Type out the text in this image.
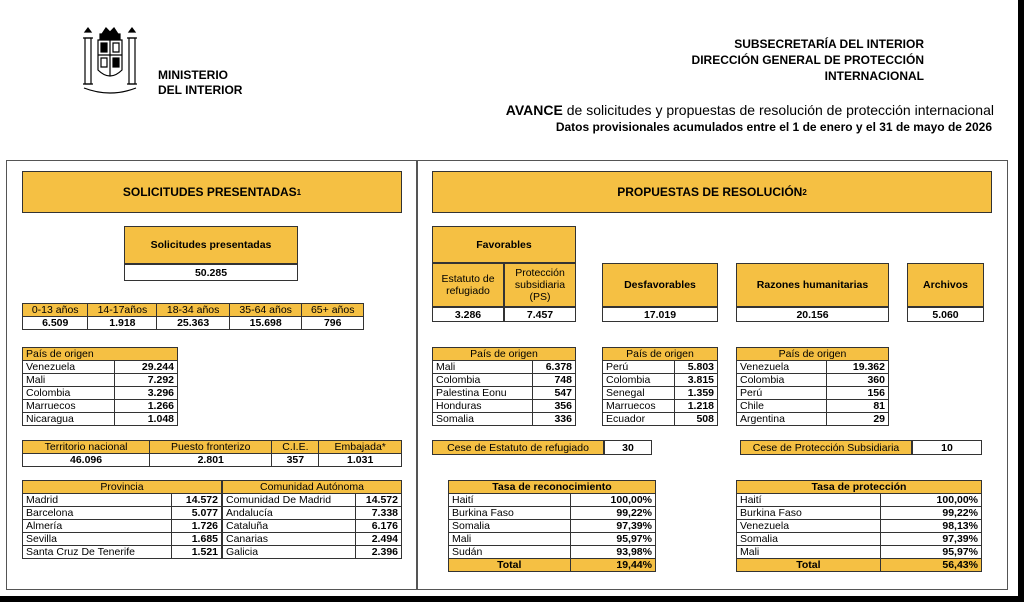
MINISTERIO
DEL INTERIOR
SUBSECRETARÍA DEL INTERIOR
DIRECCIÓN GENERAL DE PROTECCIÓN
INTERNACIONAL
AVANCE de solicitudes y propuestas de resolución de protección internacional
Datos provisionales acumulados entre el 1 de enero y el 31 de mayo de 2026
SOLICITUDES PRESENTADAS 1
Solicitudes presentadas
50.285
0-13 años	14-17años	18-34 años	35-64 años	65+ años
6.509	1.918	25.363	15.698	796
País de origen	
Venezuela	29.244
Mali	7.292
Colombia	3.296
Marruecos	1.266
Nicaragua	1.048
Territorio nacional	Puesto fronterizo	C.I.E.	Embajada*
46.096	2.801	357	1.031
Provincia	
Madrid	14.572
Barcelona	5.077
Almería	1.726
Sevilla	1.685
Santa Cruz De Tenerife	1.521
Comunidad Autónoma	
Comunidad De Madrid	14.572
Andalucía	7.338
Cataluña	6.176
Canarias	2.494
Galicia	2.396
PROPUESTAS DE RESOLUCIÓN 2
Favorables
Estatuto de refugiado
Protección subsidiaria (PS)
3.286	7.457
Desfavorables
17.019
Razones humanitarias
20.156
Archivos
5.060
País de origen	
Mali	6.378
Colombia	748
Palestina Eonu	547
Honduras	356
Somalia	336
País de origen	
Perú	5.803
Colombia	3.815
Senegal	1.359
Marruecos	1.218
Ecuador	508
País de origen	
Venezuela	19.362
Colombia	360
Perú	156
Chile	81
Argentina	29
Cese de Estatuto de refugiado	30	Cese de Protección Subsidiaria	10
Tasa de reconocimiento	
Haití	100,00%
Burkina Faso	99,22%
Somalia	97,39%
Mali	95,97%
Sudán	93,98%
Total	19,44%
Tasa de protección	
Haití	100,00%
Burkina Faso	99,22%
Venezuela	98,13%
Somalia	97,39%
Mali	95,97%
Total	56,43%
